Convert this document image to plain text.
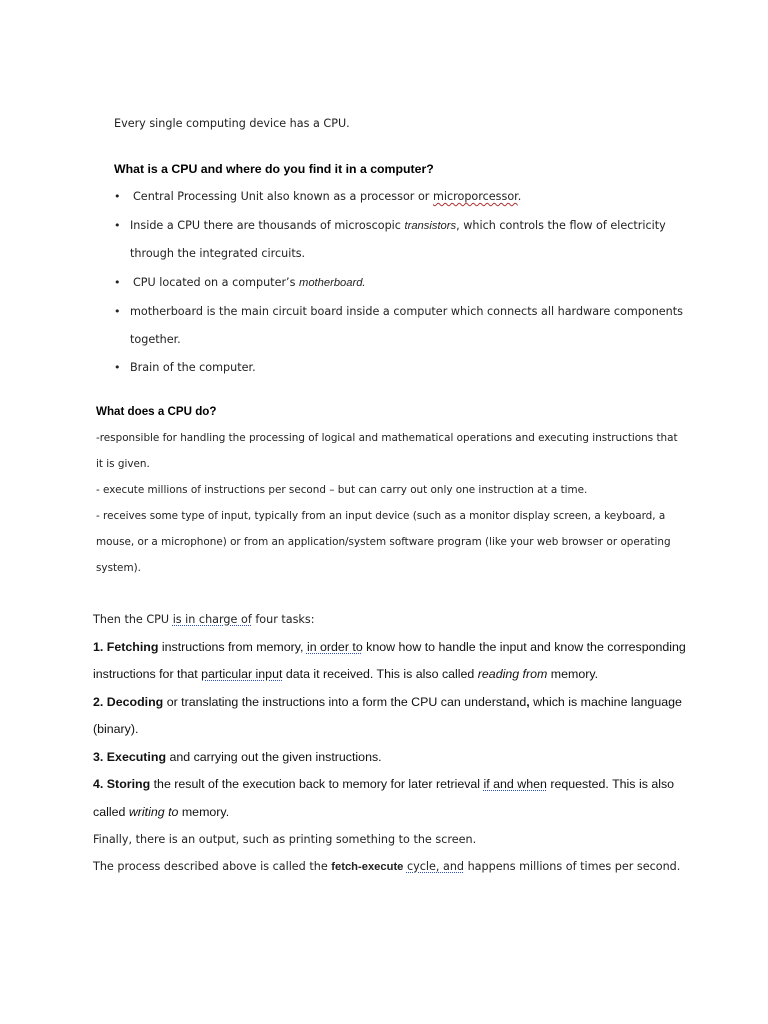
Every single computing device has a CPU.
What is a CPU and where do you find it in a computer?
• Central Processing Unit also known as a processor or microporcessor.
• Inside a CPU there are thousands of microscopic transistors, which controls the flow of electricity
through the integrated circuits.
• CPU located on a computer’s motherboard.
• motherboard is the main circuit board inside a computer which connects all hardware components
together.
• Brain of the computer.
What does a CPU do?
-responsible for handling the processing of logical and mathematical operations and executing instructions that
it is given.
- execute millions of instructions per second – but can carry out only one instruction at a time.
- receives some type of input, typically from an input device (such as a monitor display screen, a keyboard, a
mouse, or a microphone) or from an application/system software program (like your web browser or operating
system).
Then the CPU is in charge of four tasks:
1. Fetching instructions from memory, in order to know how to handle the input and know the corresponding
instructions for that particular input data it received. This is also called reading from memory.
2. Decoding or translating the instructions into a form the CPU can understand, which is machine language
(binary).
3. Executing and carrying out the given instructions.
4. Storing the result of the execution back to memory for later retrieval if and when requested. This is also
called writing to memory.
Finally, there is an output, such as printing something to the screen.
The process described above is called the fetch-execute cycle, and happens millions of times per second.
